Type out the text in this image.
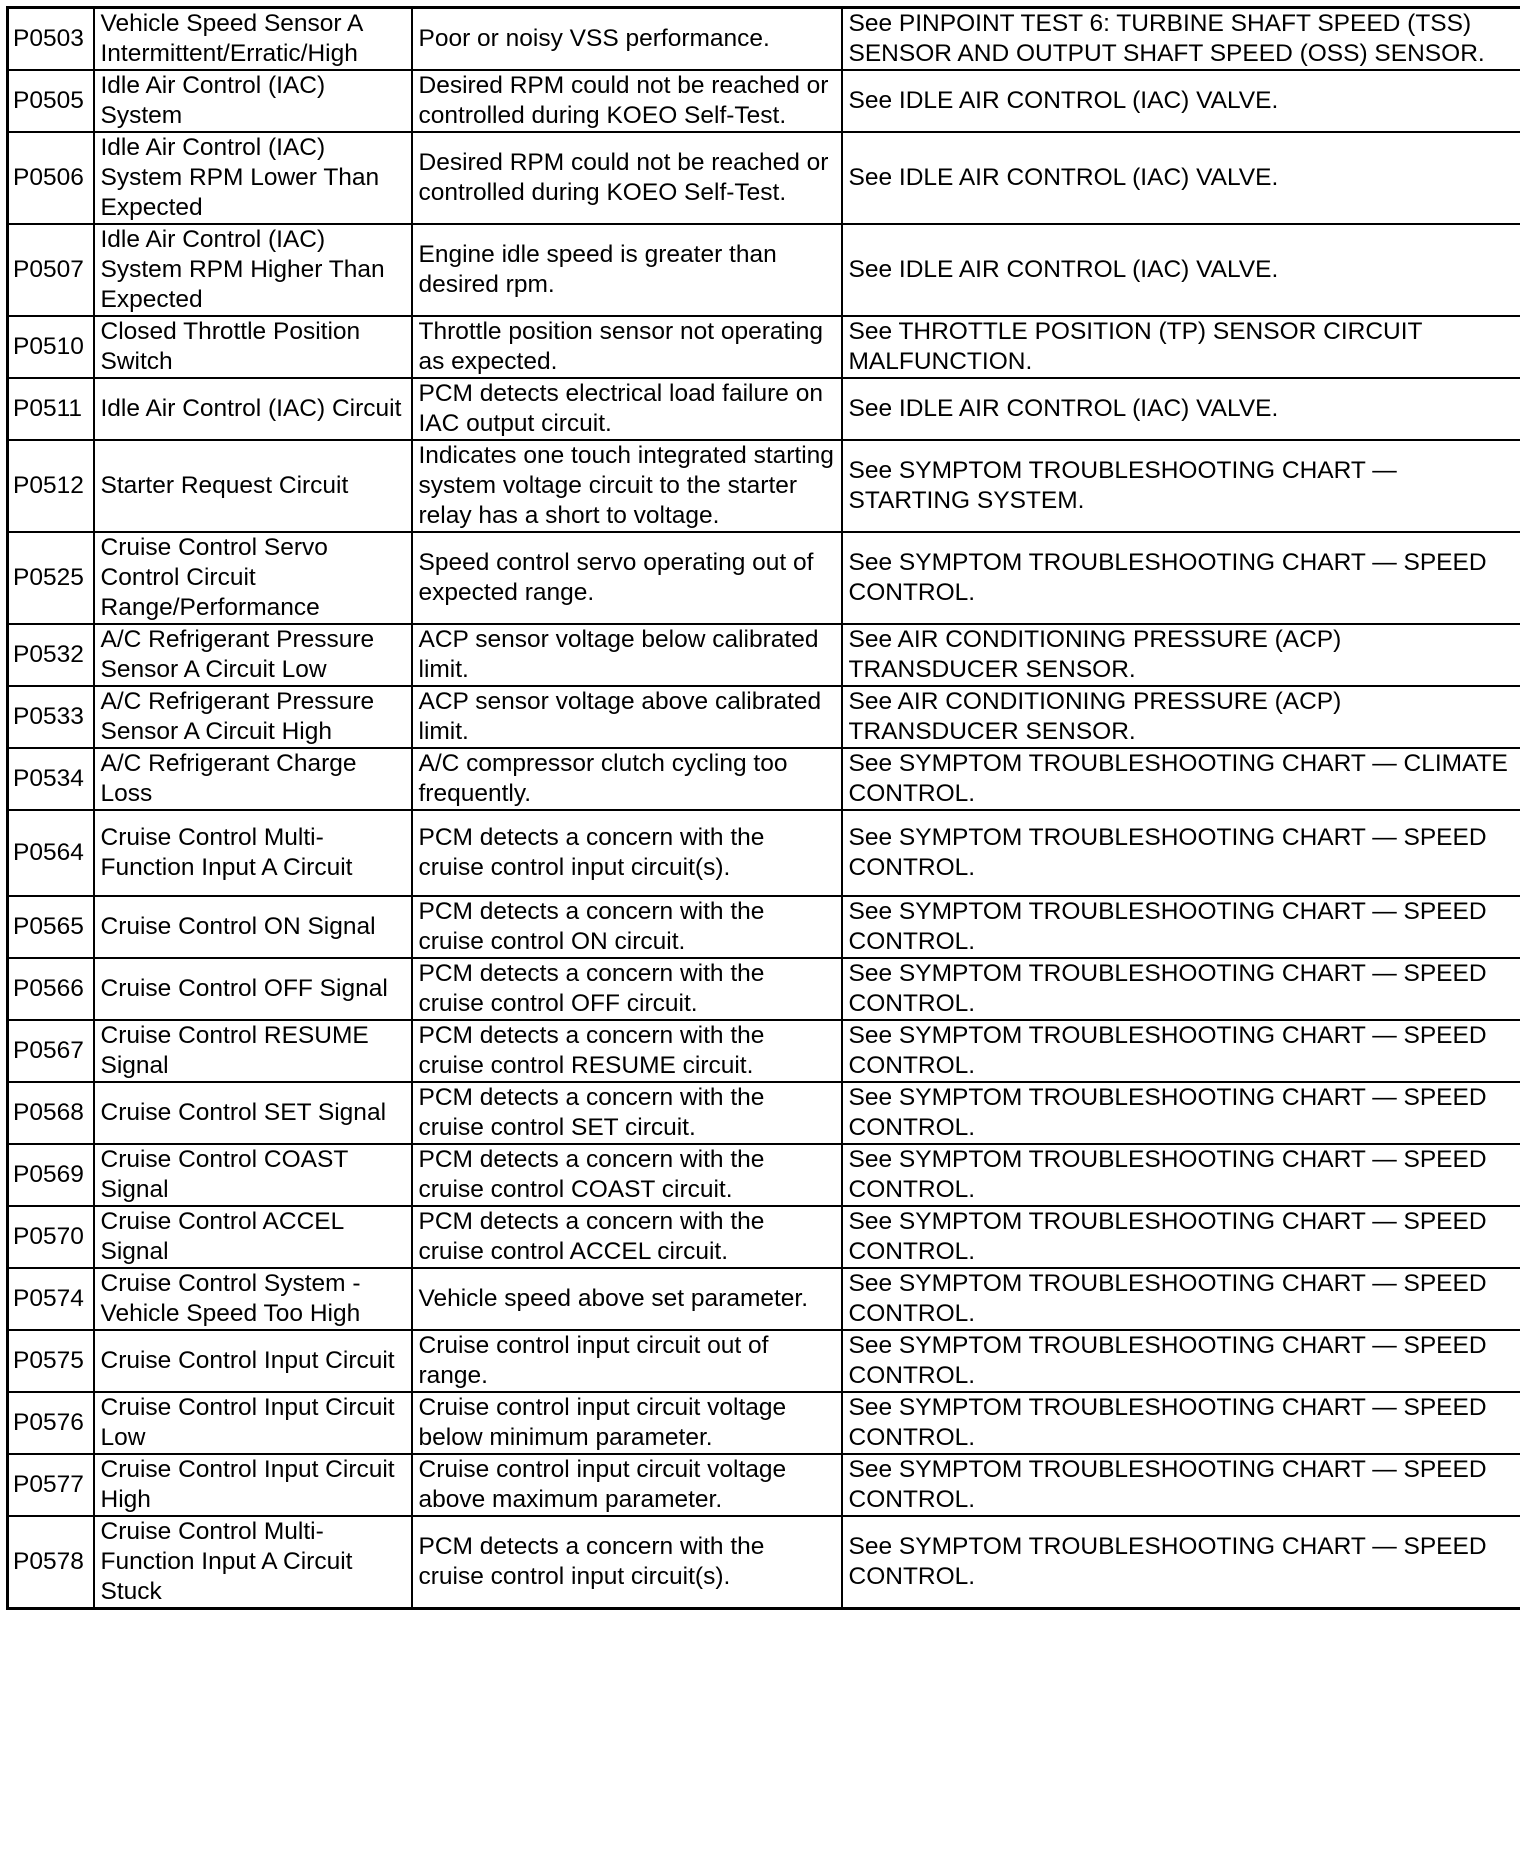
P0503	Vehicle Speed Sensor A Intermittent/Erratic/High	Poor or noisy VSS performance.	See PINPOINT TEST 6: TURBINE SHAFT SPEED (TSS) SENSOR AND OUTPUT SHAFT SPEED (OSS) SENSOR.
P0505	Idle Air Control (IAC) System	Desired RPM could not be reached or controlled during KOEO Self-Test.	See IDLE AIR CONTROL (IAC) VALVE.
P0506	Idle Air Control (IAC) System RPM Lower Than Expected	Desired RPM could not be reached or controlled during KOEO Self-Test.	See IDLE AIR CONTROL (IAC) VALVE.
P0507	Idle Air Control (IAC) System RPM Higher Than Expected	Engine idle speed is greater than desired rpm.	See IDLE AIR CONTROL (IAC) VALVE.
P0510	Closed Throttle Position Switch	Throttle position sensor not operating as expected.	See THROTTLE POSITION (TP) SENSOR CIRCUIT MALFUNCTION.
P0511	Idle Air Control (IAC) Circuit	PCM detects electrical load failure on IAC output circuit.	See IDLE AIR CONTROL (IAC) VALVE.
P0512	Starter Request Circuit	Indicates one touch integrated starting system voltage circuit to the starter relay has a short to voltage.	See SYMPTOM TROUBLESHOOTING CHART — STARTING SYSTEM.
P0525	Cruise Control Servo Control Circuit Range/Performance	Speed control servo operating out of expected range.	See SYMPTOM TROUBLESHOOTING CHART — SPEED CONTROL.
P0532	A/C Refrigerant Pressure Sensor A Circuit Low	ACP sensor voltage below calibrated limit.	See AIR CONDITIONING PRESSURE (ACP) TRANSDUCER SENSOR.
P0533	A/C Refrigerant Pressure Sensor A Circuit High	ACP sensor voltage above calibrated limit.	See AIR CONDITIONING PRESSURE (ACP) TRANSDUCER SENSOR.
P0534	A/C Refrigerant Charge Loss	A/C compressor clutch cycling too frequently.	See SYMPTOM TROUBLESHOOTING CHART — CLIMATE CONTROL.
P0564	Cruise Control Multi-Function Input A Circuit	PCM detects a concern with the cruise control input circuit(s).	See SYMPTOM TROUBLESHOOTING CHART — SPEED CONTROL.
P0565	Cruise Control ON Signal	PCM detects a concern with the cruise control ON circuit.	See SYMPTOM TROUBLESHOOTING CHART — SPEED CONTROL.
P0566	Cruise Control OFF Signal	PCM detects a concern with the cruise control OFF circuit.	See SYMPTOM TROUBLESHOOTING CHART — SPEED CONTROL.
P0567	Cruise Control RESUME Signal	PCM detects a concern with the cruise control RESUME circuit.	See SYMPTOM TROUBLESHOOTING CHART — SPEED CONTROL.
P0568	Cruise Control SET Signal	PCM detects a concern with the cruise control SET circuit.	See SYMPTOM TROUBLESHOOTING CHART — SPEED CONTROL.
P0569	Cruise Control COAST Signal	PCM detects a concern with the cruise control COAST circuit.	See SYMPTOM TROUBLESHOOTING CHART — SPEED CONTROL.
P0570	Cruise Control ACCEL Signal	PCM detects a concern with the cruise control ACCEL circuit.	See SYMPTOM TROUBLESHOOTING CHART — SPEED CONTROL.
P0574	Cruise Control System - Vehicle Speed Too High	Vehicle speed above set parameter.	See SYMPTOM TROUBLESHOOTING CHART — SPEED CONTROL.
P0575	Cruise Control Input Circuit	Cruise control input circuit out of range.	See SYMPTOM TROUBLESHOOTING CHART — SPEED CONTROL.
P0576	Cruise Control Input Circuit Low	Cruise control input circuit voltage below minimum parameter.	See SYMPTOM TROUBLESHOOTING CHART — SPEED CONTROL.
P0577	Cruise Control Input Circuit High	Cruise control input circuit voltage above maximum parameter.	See SYMPTOM TROUBLESHOOTING CHART — SPEED CONTROL.
P0578	Cruise Control Multi-Function Input A Circuit Stuck	PCM detects a concern with the cruise control input circuit(s).	See SYMPTOM TROUBLESHOOTING CHART — SPEED CONTROL.
